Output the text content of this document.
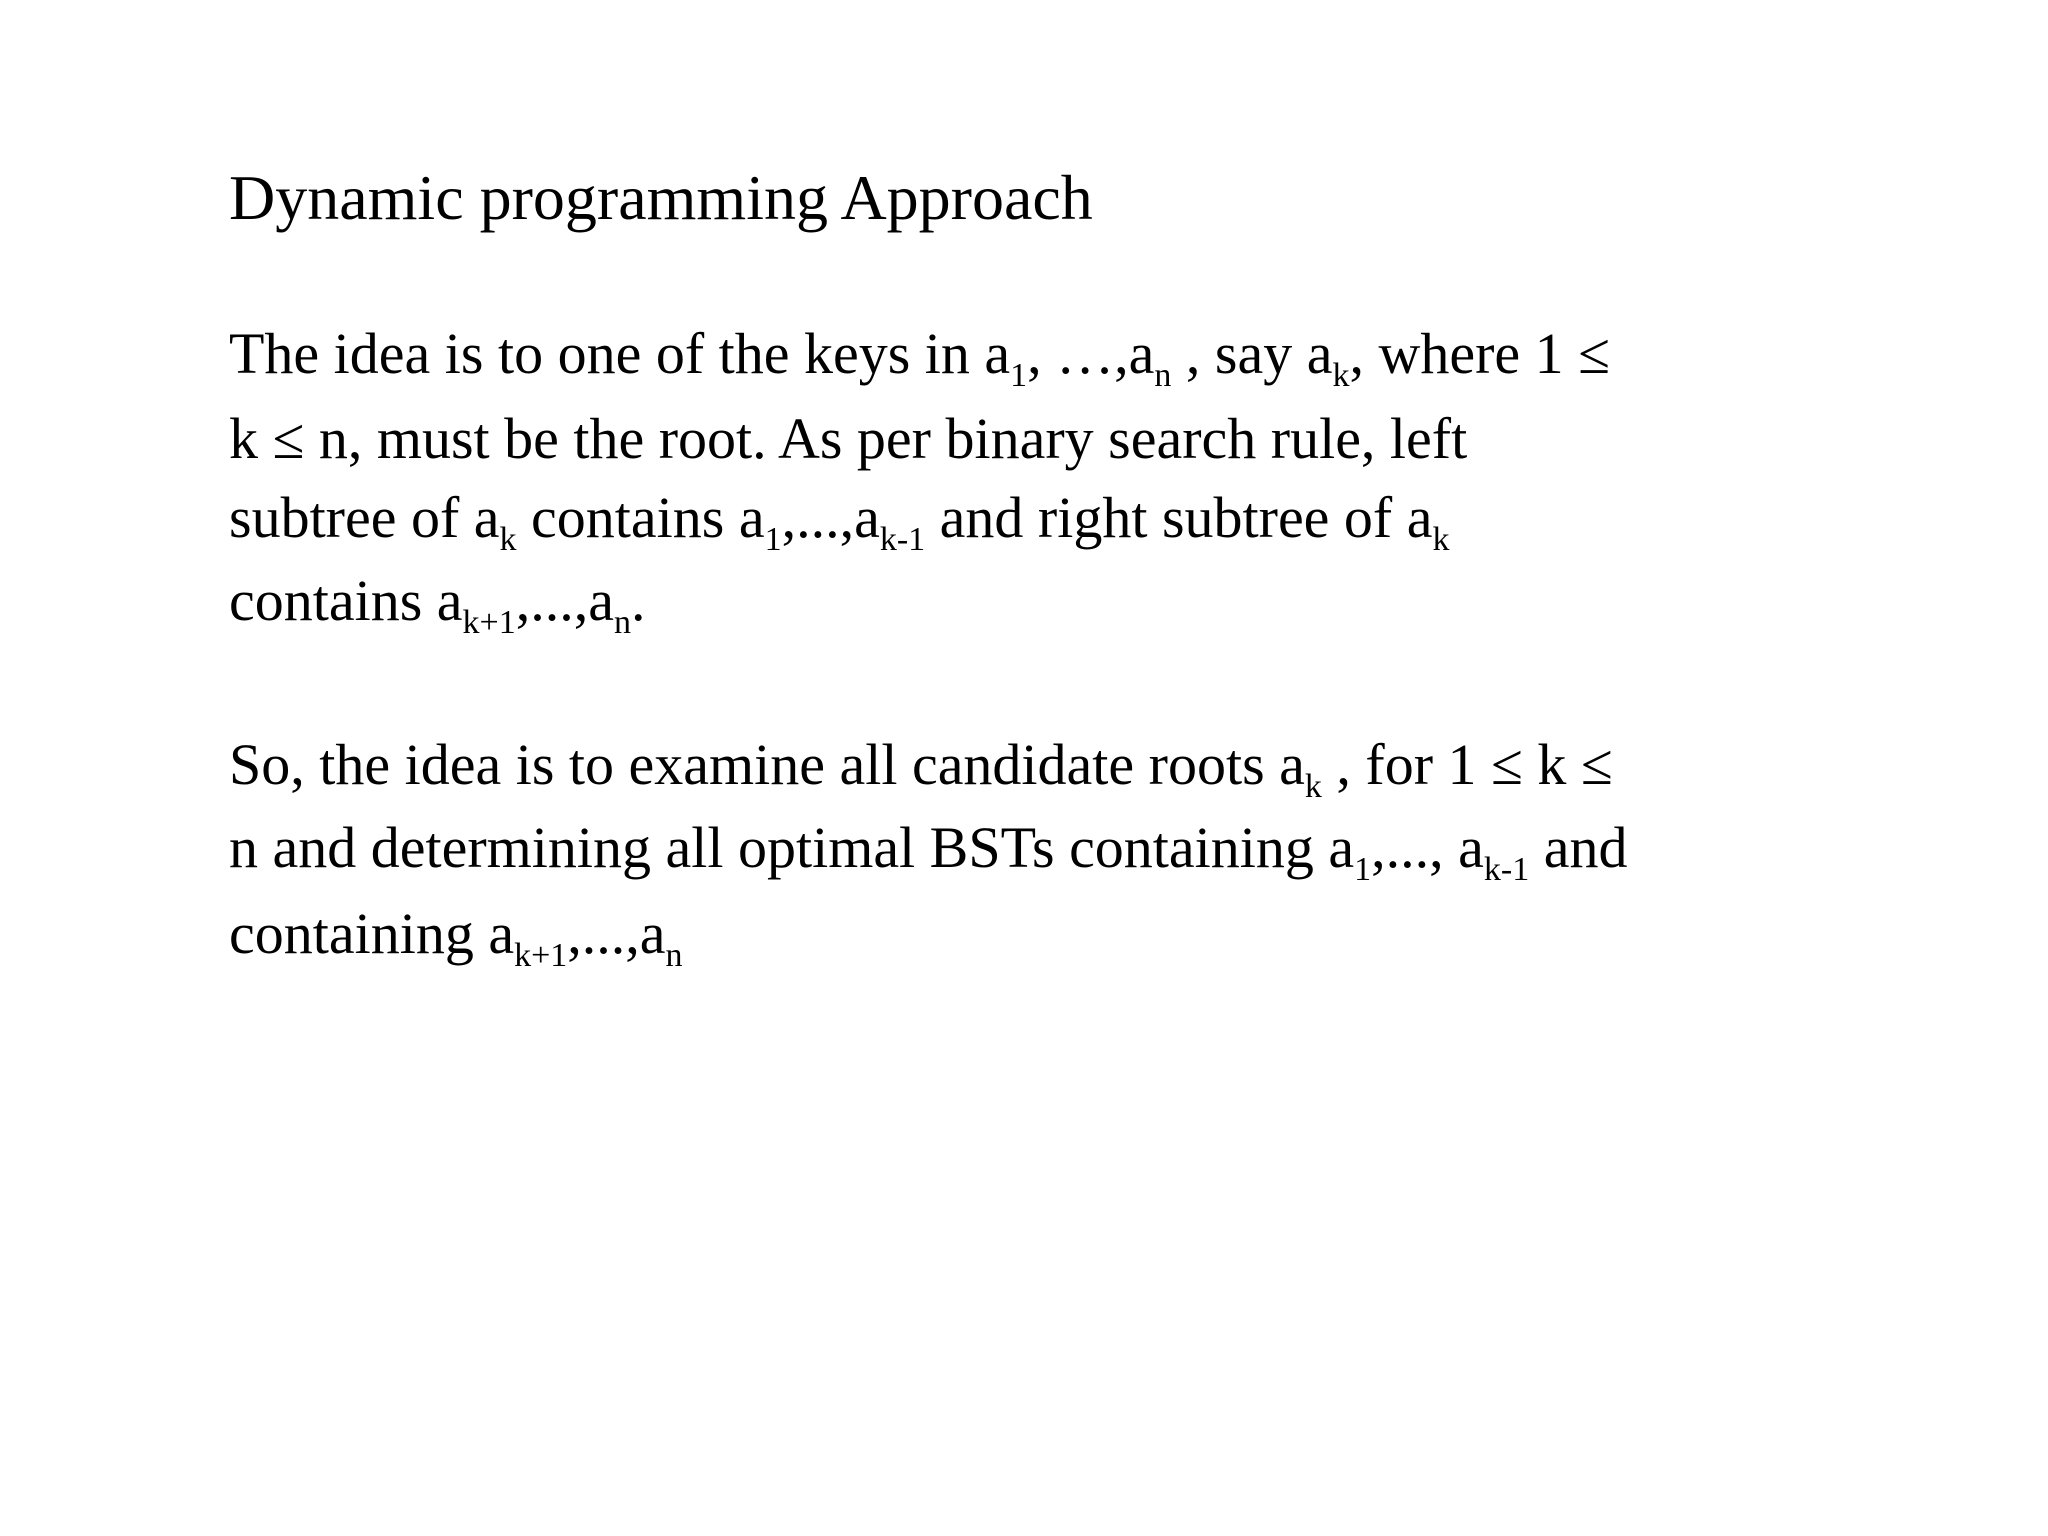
Dynamic programming Approach
The idea is to one of the keys in $a_1$, $\dots,a_n$ , say $a_k$, where 1 ≤
k ≤ n, must be the root. As per binary search rule, left
subtree of $a_k$ contains $a_1,...,a_{k-1}$ and right subtree of $a_k$
contains $a_{k+1},...,a_n$.
So, the idea is to examine all candidate roots $a_k$ , for 1 ≤ k ≤
n and determining all optimal BSTs containing $a_1$,..., $a_{k-1}$ and
containing $a_{k+1},...,a_n$
